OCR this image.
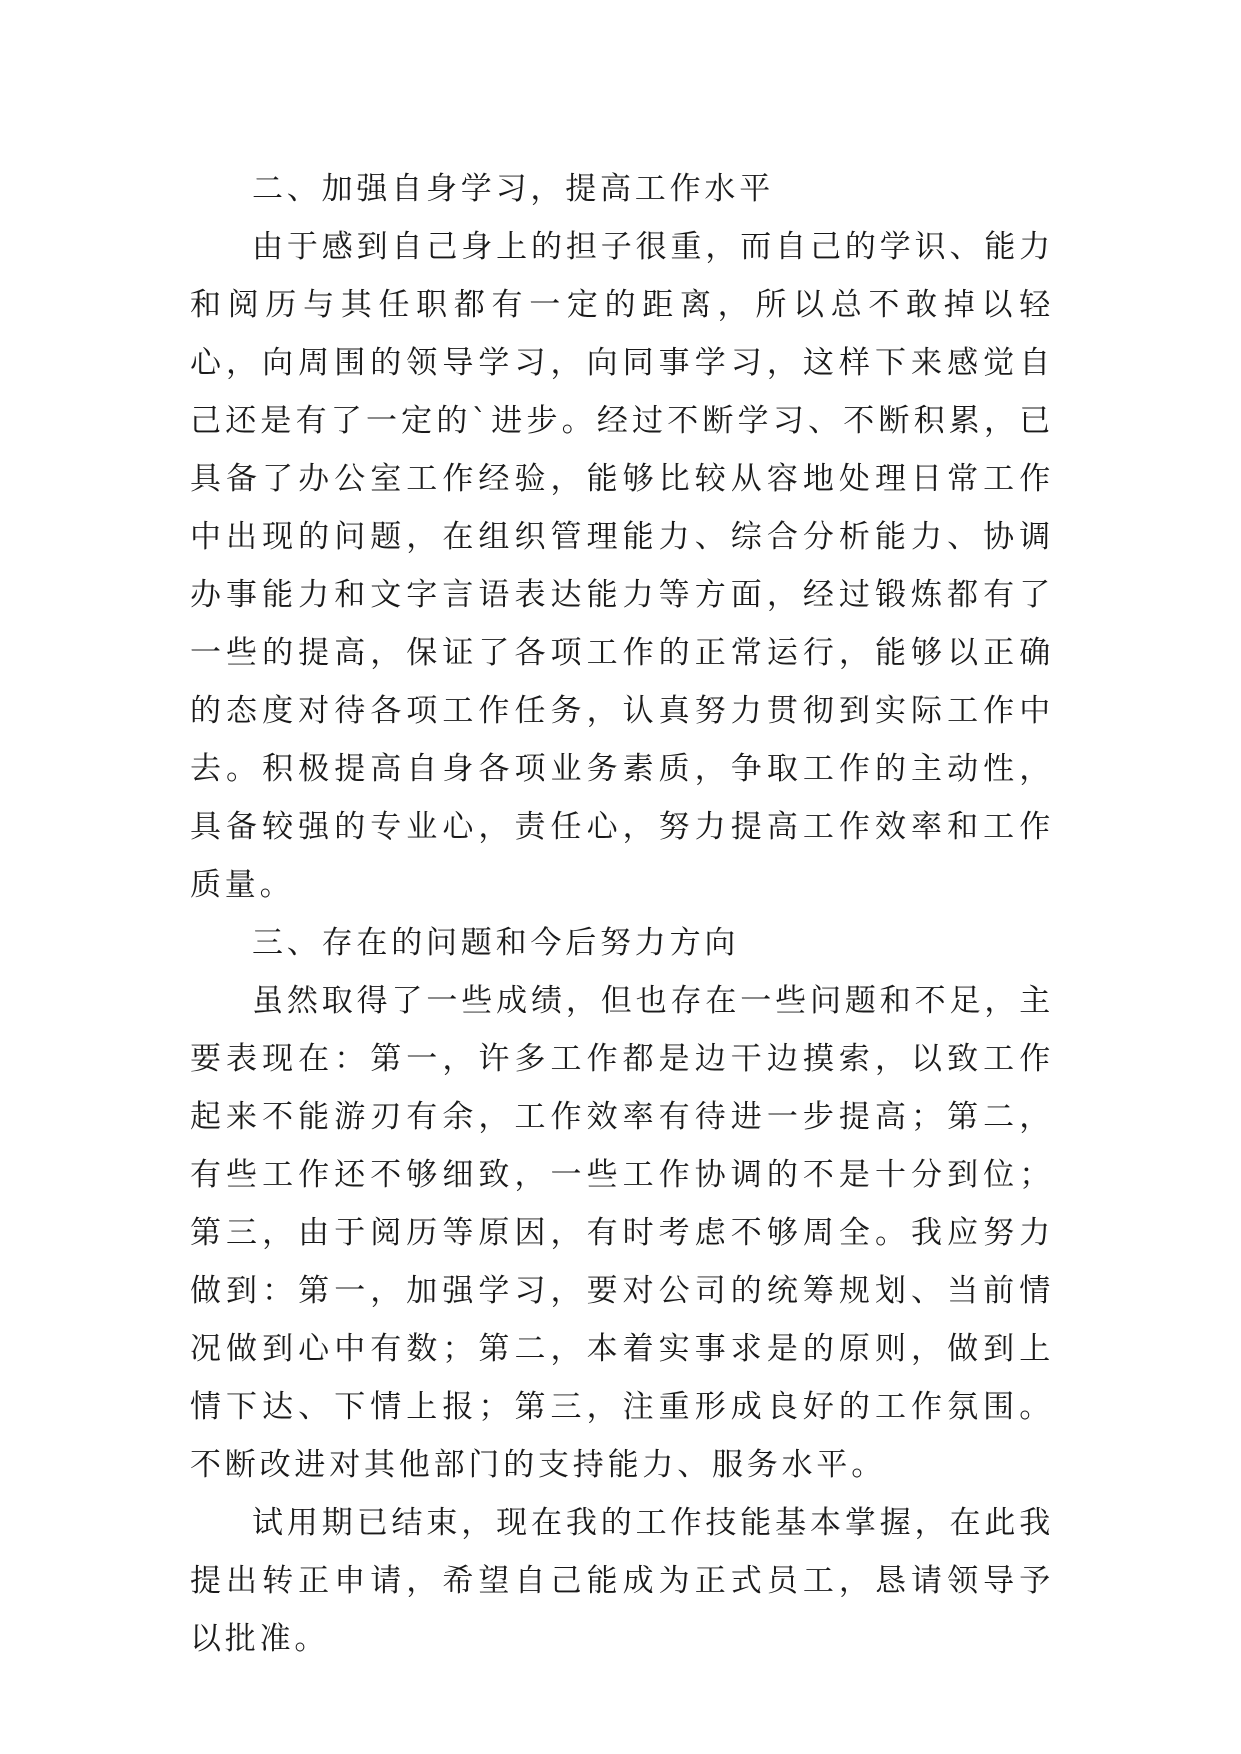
二、加强自身学习，提高工作水平

由于感到自己身上的担子很重，而自己的学识、能力和阅历与其任职都有一定的距离，所以总不敢掉以轻心，向周围的领导学习，向同事学习，这样下来感觉自己还是有了一定的`进步。经过不断学习、不断积累，已具备了办公室工作经验，能够比较从容地处理日常工作中出现的问题，在组织管理能力、综合分析能力、协调办事能力和文字言语表达能力等方面，经过锻炼都有了一些的提高，保证了各项工作的正常运行，能够以正确的态度对待各项工作任务，认真努力贯彻到实际工作中去。积极提高自身各项业务素质，争取工作的主动性，具备较强的专业心，责任心，努力提高工作效率和工作质量。

三、存在的问题和今后努力方向

虽然取得了一些成绩，但也存在一些问题和不足，主要表现在：第一，许多工作都是边干边摸索，以致工作起来不能游刃有余，工作效率有待进一步提高；第二，有些工作还不够细致，一些工作协调的不是十分到位；第三，由于阅历等原因，有时考虑不够周全。我应努力做到：第一，加强学习，要对公司的统筹规划、当前情况做到心中有数；第二，本着实事求是的原则，做到上情下达、下情上报；第三，注重形成良好的工作氛围。不断改进对其他部门的支持能力、服务水平。

试用期已结束，现在我的工作技能基本掌握，在此我提出转正申请，希望自己能成为正式员工，恳请领导予以批准。
